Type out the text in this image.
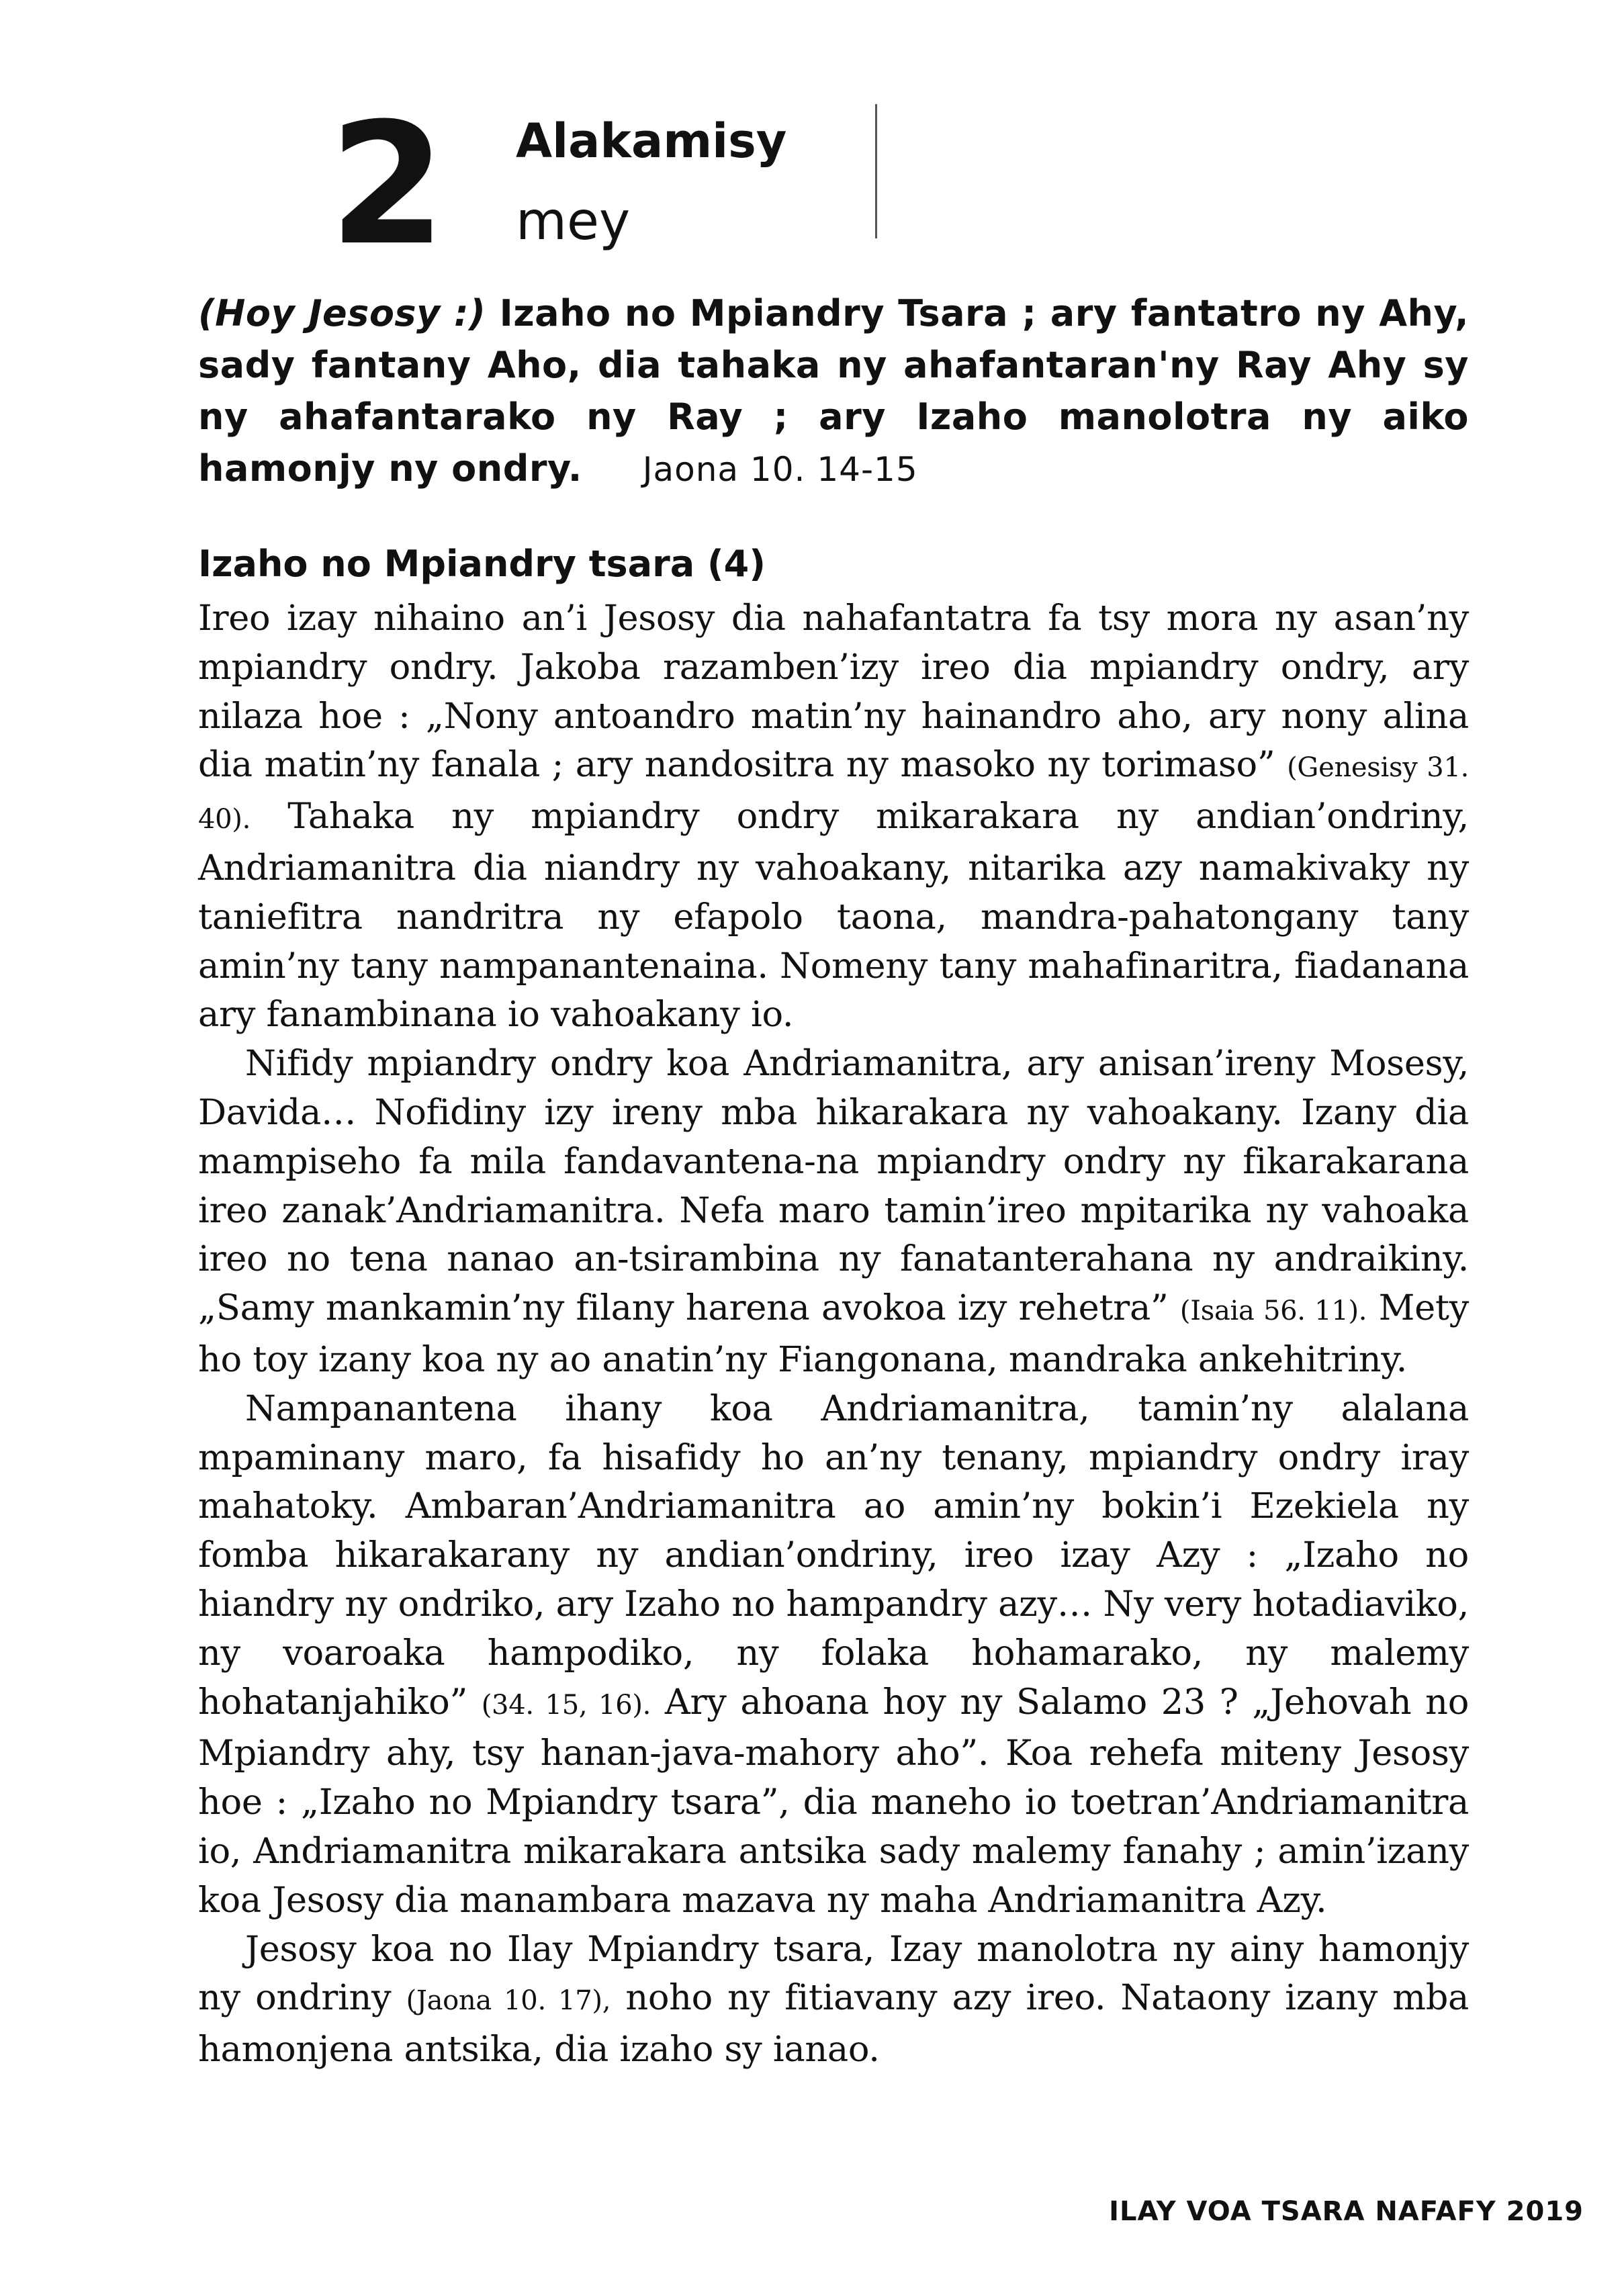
2 Alakamisy
mey
(Hoy Jesosy :) Izaho no Mpiandry Tsara ; ary fantatro ny Ahy, sady fantany Aho, dia tahaka ny ahafantaran'ny Ray Ahy sy ny ahafantarako ny Ray ; ary Izaho manolotra ny aiko hamonjy ny ondry. Jaona 10. 14-15
Izaho no Mpiandry tsara (4)

Ireo izay nihaino an’i Jesosy dia nahafantatra fa tsy mora ny asan’ny mpiandry ondry. Jakoba razamben’izy ireo dia mpiandry ondry, ary nilaza hoe : „Nony antoandro matin’ny hainandro aho, ary nony alina dia matin’ny fanala ; ary nandositra ny masoko ny torimaso” (Genesisy 31. 40). Tahaka ny mpiandry ondry mikarakara ny andian’ondriny, Andriamanitra dia niandry ny vahoakany, nitarika azy namakivaky ny taniefitra nandritra ny efapolo taona, mandra-pahatongany tany amin’ny tany nampanantenaina. Nomeny tany mahafinaritra, fiadanana ary fanambinana io vahoakany io.

Nifidy mpiandry ondry koa Andriamanitra, ary anisan’ireny Mosesy, Davida… Nofidiny izy ireny mba hikarakara ny vahoakany. Izany dia mampiseho fa mila fandavantena-na mpiandry ondry ny fikarakarana ireo zanak’Andriamanitra. Nefa maro tamin’ireo mpitarika ny vahoaka ireo no tena nanao an-tsirambina ny fanatanterahana ny andraikiny. „Samy mankamin’ny filany harena avokoa izy rehetra” (Isaia 56. 11). Mety ho toy izany koa ny ao anatin’ny Fiangonana, mandraka ankehitriny.

Nampanantena ihany koa Andriamanitra, tamin’ny alalana mpaminany maro, fa hisafidy ho an’ny tenany, mpiandry ondry iray mahatoky. Ambaran’Andriamanitra ao amin’ny bokin’i Ezekiela ny fomba hikarakarany ny andian’ondriny, ireo izay Azy : „Izaho no hiandry ny ondriko, ary Izaho no hampandry azy… Ny very hotadiaviko, ny voaroaka hampodiko, ny folaka hohamarako, ny malemy hohatanjahiko” (34. 15, 16). Ary ahoana hoy ny Salamo 23 ? „Jehovah no Mpiandry ahy, tsy hanan-java-mahory aho”. Koa rehefa miteny Jesosy hoe : „Izaho no Mpiandry tsara”, dia maneho io toetran’Andriamanitra io, Andriamanitra mikarakara antsika sady malemy fanahy ; amin’izany koa Jesosy dia manambara mazava ny maha Andriamanitra Azy.

Jesosy koa no Ilay Mpiandry tsara, Izay manolotra ny ainy hamonjy ny ondriny (Jaona 10. 17), noho ny fitiavany azy ireo. Nataony izany mba hamonjena antsika, dia izaho sy ianao.

ILAY VOA TSARA NAFAFY 2019
